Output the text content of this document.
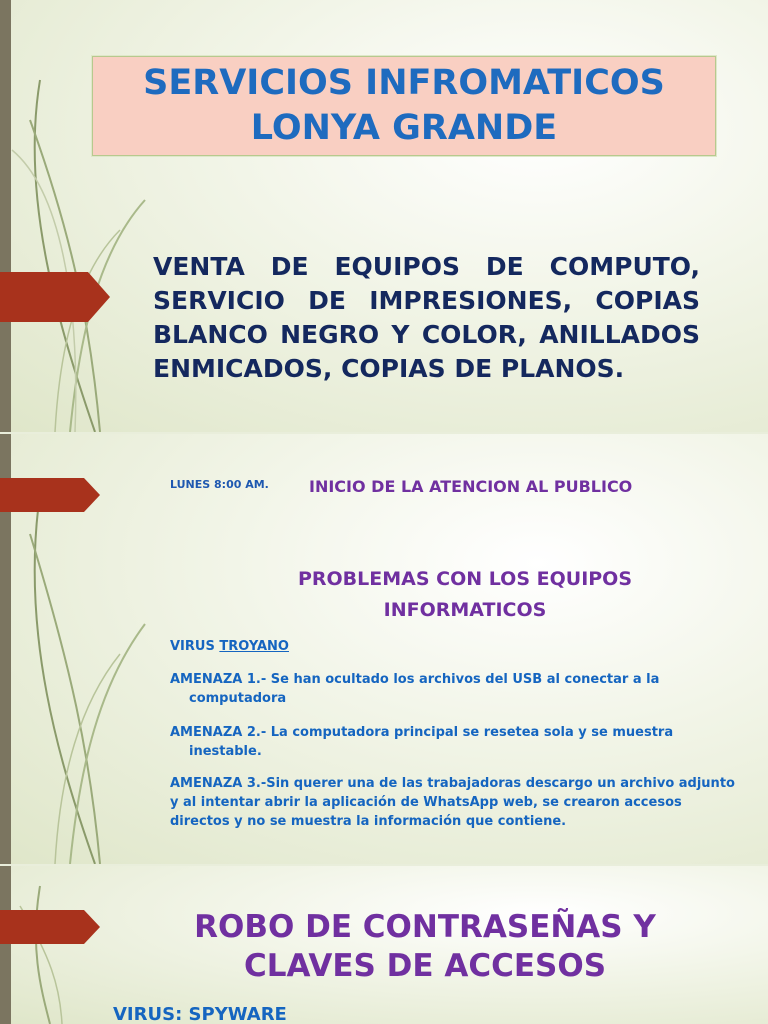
SERVICIOS INFROMATICOS
LONYA GRANDE

VENTA DE EQUIPOS DE COMPUTO, SERVICIO DE IMPRESIONES, COPIAS BLANCO NEGRO Y COLOR, ANILLADOS ENMICADOS, COPIAS DE PLANOS.

LUNES 8:00 AM.	INICIO DE LA ATENCION AL PUBLICO
PROBLEMAS CON LOS EQUIPOS
INFORMATICOS
VIRUS TROYANO
AMENAZA 1.- Se han ocultado los archivos del USB al conectar a la
computadora
AMENAZA 2.- La computadora principal se resetea sola y se muestra
inestable.
AMENAZA 3.-Sin querer una de las trabajadoras descargo un archivo adjunto y al intentar abrir la aplicación de WhatsApp web, se crearon accesos directos y no se muestra la información que contiene.
ROBO DE CONTRASEÑAS Y
CLAVES DE ACCESOS
VIRUS: SPYWARE
